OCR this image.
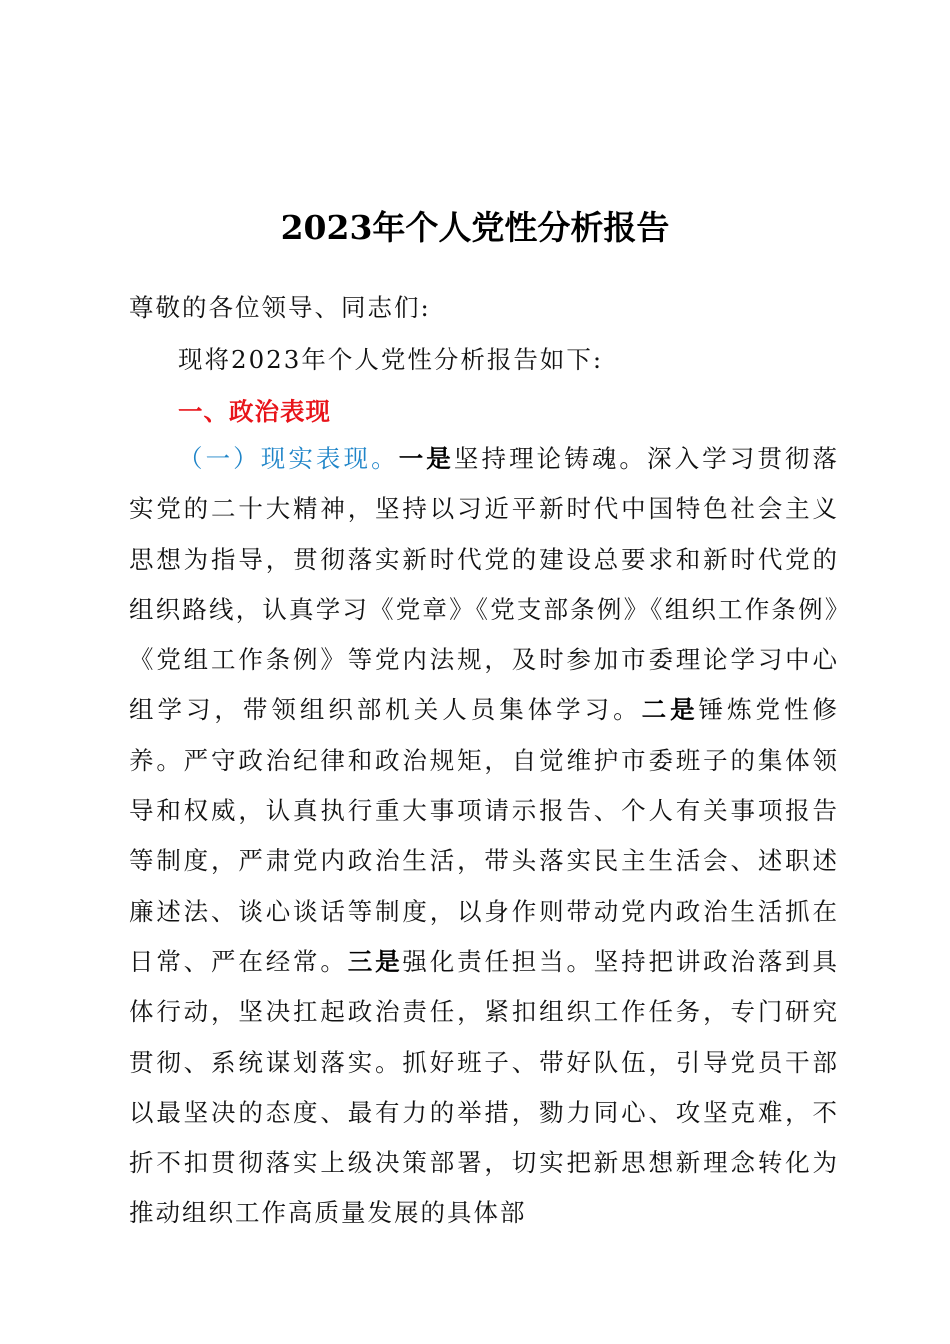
2023年个人党性分析报告
尊敬的各位领导、同志们:
现将2023年个人党性分析报告如下:
一、政治表现
（一）现实表现。一是坚持理论铸魂。深入学习贯彻落实党的二十大精神，坚持以习近平新时代中国特色社会主义思想为指导，贯彻落实新时代党的建设总要求和新时代党的组织路线，认真学习《党章》《党支部条例》《组织工作条例》《党组工作条例》等党内法规，及时参加市委理论学习中心组学习，带领组织部机关人员集体学习。二是锤炼党性修养。严守政治纪律和政治规矩，自觉维护市委班子的集体领导和权威，认真执行重大事项请示报告、个人有关事项报告等制度，严肃党内政治生活，带头落实民主生活会、述职述廉述法、谈心谈话等制度，以身作则带动党内政治生活抓在日常、严在经常。三是强化责任担当。坚持把讲政治落到具体行动，坚决扛起政治责任，紧扣组织工作任务，专门研究贯彻、系统谋划落实。抓好班子、带好队伍，引导党员干部以最坚决的态度、最有力的举措，勠力同心、攻坚克难，不折不扣贯彻落实上级决策部署，切实把新思想新理念转化为推动组织工作高质量发展的具体部
